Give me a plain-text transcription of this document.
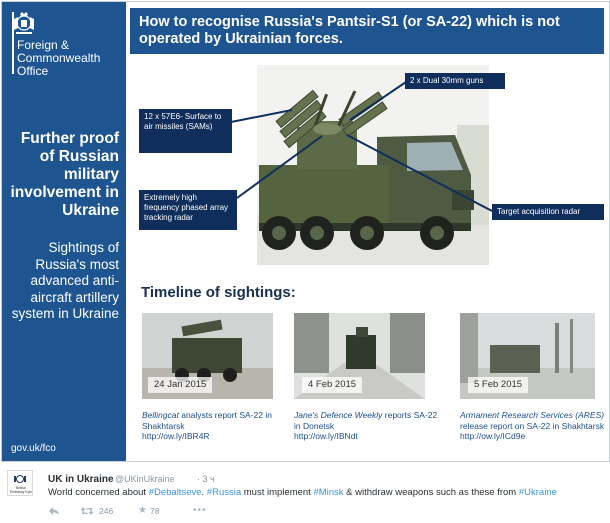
Foreign &
Commonwealth
Office
Further proof of Russian military involvement in Ukraine
Sightings of Russia's most advanced anti-aircraft artillery system in Ukraine
gov.uk/fco
How to recognise Russia's Pantsir-S1 (or SA-22) which is not operated by Ukrainian forces.
2 x Dual 30mm guns
12 x 57E6- Surface to air missiles (SAMs)
Extremely high frequency phased array tracking radar
Target acquisition radar
Timeline of sightings:
24 Jan 2015	4 Feb 2015	5 Feb 2015
Bellingcat analysts report SA-22 in Shakhtarsk
http://ow.ly/IBR4R
Jane's Defence Weekly reports SA-22 in Donetsk
http://ow.ly/IBNdt
Armament Research Services (ARES) release report on SA-22 in Shakhtarsk
http://ow.ly/ICd9e
British Embassy Kyiv
UK in Ukraine @UKinUkraine · 3 ч
World concerned about #Debaltseve. #Russia must implement #Minsk & withdraw weapons such as these from #Ukraine
246 ★ 78	•••
